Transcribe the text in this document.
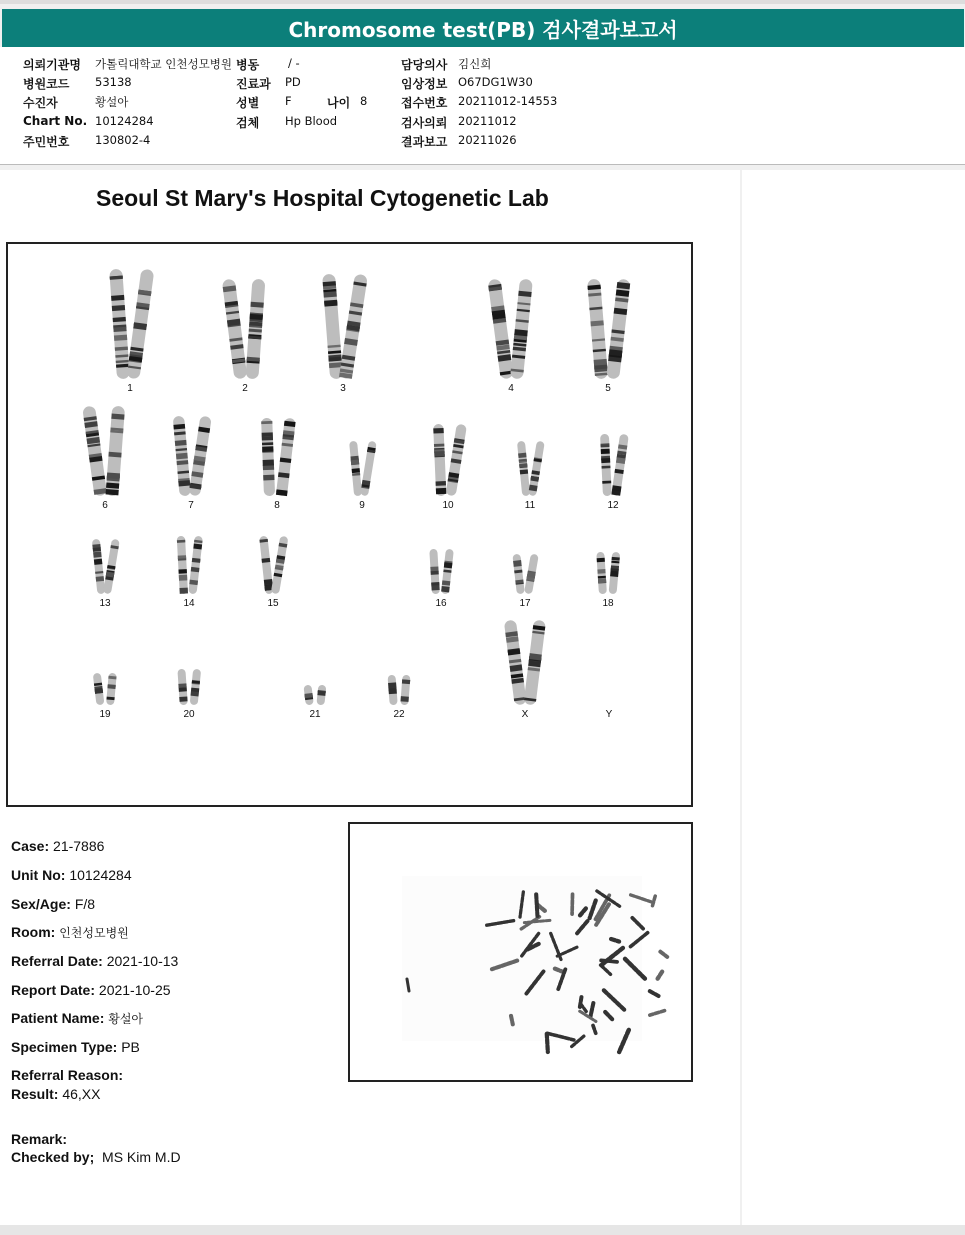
Chromosome test(PB) 검사결과보고서
의뢰기관명 가톨릭대학교 인천성모병원 병동	/ -	담당의사 김신희
병원코드 53138	진료과 PD	임상정보 O67DG1W30
수진자	황설아	성별 F	나이 8	접수번호 20211012-14553
Chart No. 10124284	검체 Hp Blood	검사의뢰 20211012
주민번호 130802-4	결과보고 20211026
Seoul St Mary's Hospital Cytogenetic Lab
1	2	3	4	5
6	7	8	9	10	11	12
13	14	15	16	17	18
19	20	21	22	X	Y
Case: 21-7886
Unit No: 10124284
Sex/Age: F/8
Room: 인천성모병원
Referral Date: 2021-10-13
Report Date: 2021-10-25
Patient Name: 황설아
Specimen Type: PB
Referral Reason:
Result: 46,XX
Remark:
Checked by; MS Kim M.D
